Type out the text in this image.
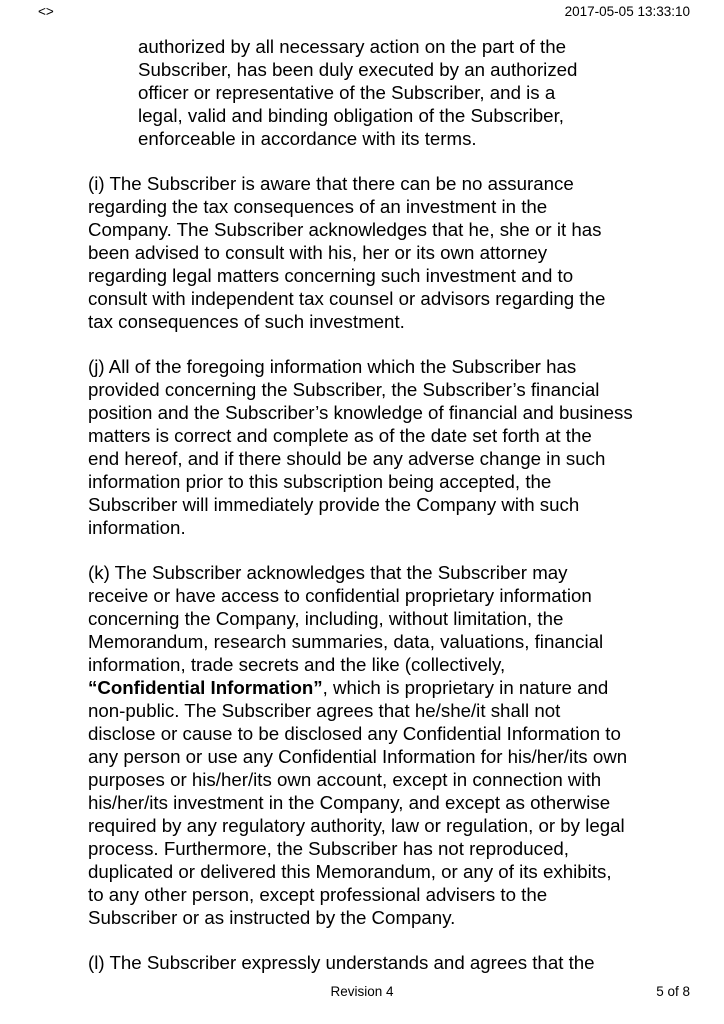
<>	2017-05-05 13:33:10
authorized by all necessary action on the part of the
Subscriber, has been duly executed by an authorized
officer or representative of the Subscriber, and is a
legal, valid and binding obligation of the Subscriber,
enforceable in accordance with its terms.
(i) The Subscriber is aware that there can be no assurance
regarding the tax consequences of an investment in the
Company. The Subscriber acknowledges that he, she or it has
been advised to consult with his, her or its own attorney
regarding legal matters concerning such investment and to
consult with independent tax counsel or advisors regarding the
tax consequences of such investment.
(j) All of the foregoing information which the Subscriber has
provided concerning the Subscriber, the Subscriber’s financial
position and the Subscriber’s knowledge of financial and business
matters is correct and complete as of the date set forth at the
end hereof, and if there should be any adverse change in such
information prior to this subscription being accepted, the
Subscriber will immediately provide the Company with such
information.
(k) The Subscriber acknowledges that the Subscriber may
receive or have access to confidential proprietary information
concerning the Company, including, without limitation, the
Memorandum, research summaries, data, valuations, financial
information, trade secrets and the like (collectively,
“Confidential Information”, which is proprietary in nature and
non-public. The Subscriber agrees that he/she/it shall not
disclose or cause to be disclosed any Confidential Information to
any person or use any Confidential Information for his/her/its own
purposes or his/her/its own account, except in connection with
his/her/its investment in the Company, and except as otherwise
required by any regulatory authority, law or regulation, or by legal
process. Furthermore, the Subscriber has not reproduced,
duplicated or delivered this Memorandum, or any of its exhibits,
to any other person, except professional advisers to the
Subscriber or as instructed by the Company.
(l) The Subscriber expressly understands and agrees that the
Revision 4	5 of 8
